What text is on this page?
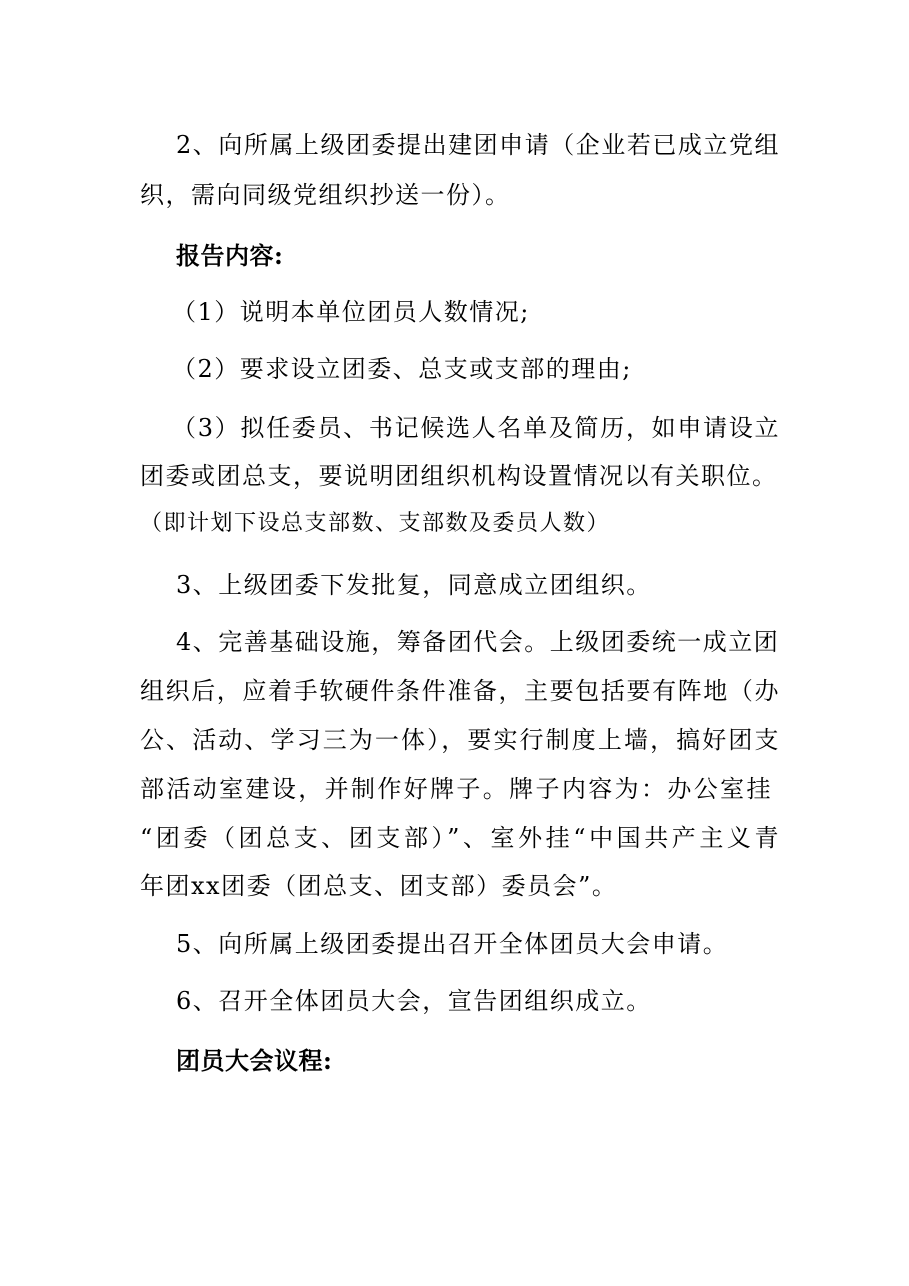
2、向所属上级团委提出建团申请（企业若已成立党组
织，需向同级党组织抄送一份）。
报告内容:
（1）说明本单位团员人数情况;
（2）要求设立团委、总支或支部的理由;
（3）拟任委员、书记候选人名单及简历，如申请设立
团委或团总支，要说明团组织机构设置情况以有关职位。
（即计划下设总支部数、支部数及委员人数）
3、上级团委下发批复，同意成立团组织。
4、完善基础设施，筹备团代会。上级团委统一成立团
组织后，应着手软硬件条件准备，主要包括要有阵地（办
公、活动、学习三为一体），要实行制度上墙，搞好团支
部活动室建设，并制作好牌子。牌子内容为：办公室挂
“团委（团总支、团支部）”、室外挂“中国共产主义青
年团xx团委（团总支、团支部）委员会”。
5、向所属上级团委提出召开全体团员大会申请。
6、召开全体团员大会，宣告团组织成立。
团员大会议程:
